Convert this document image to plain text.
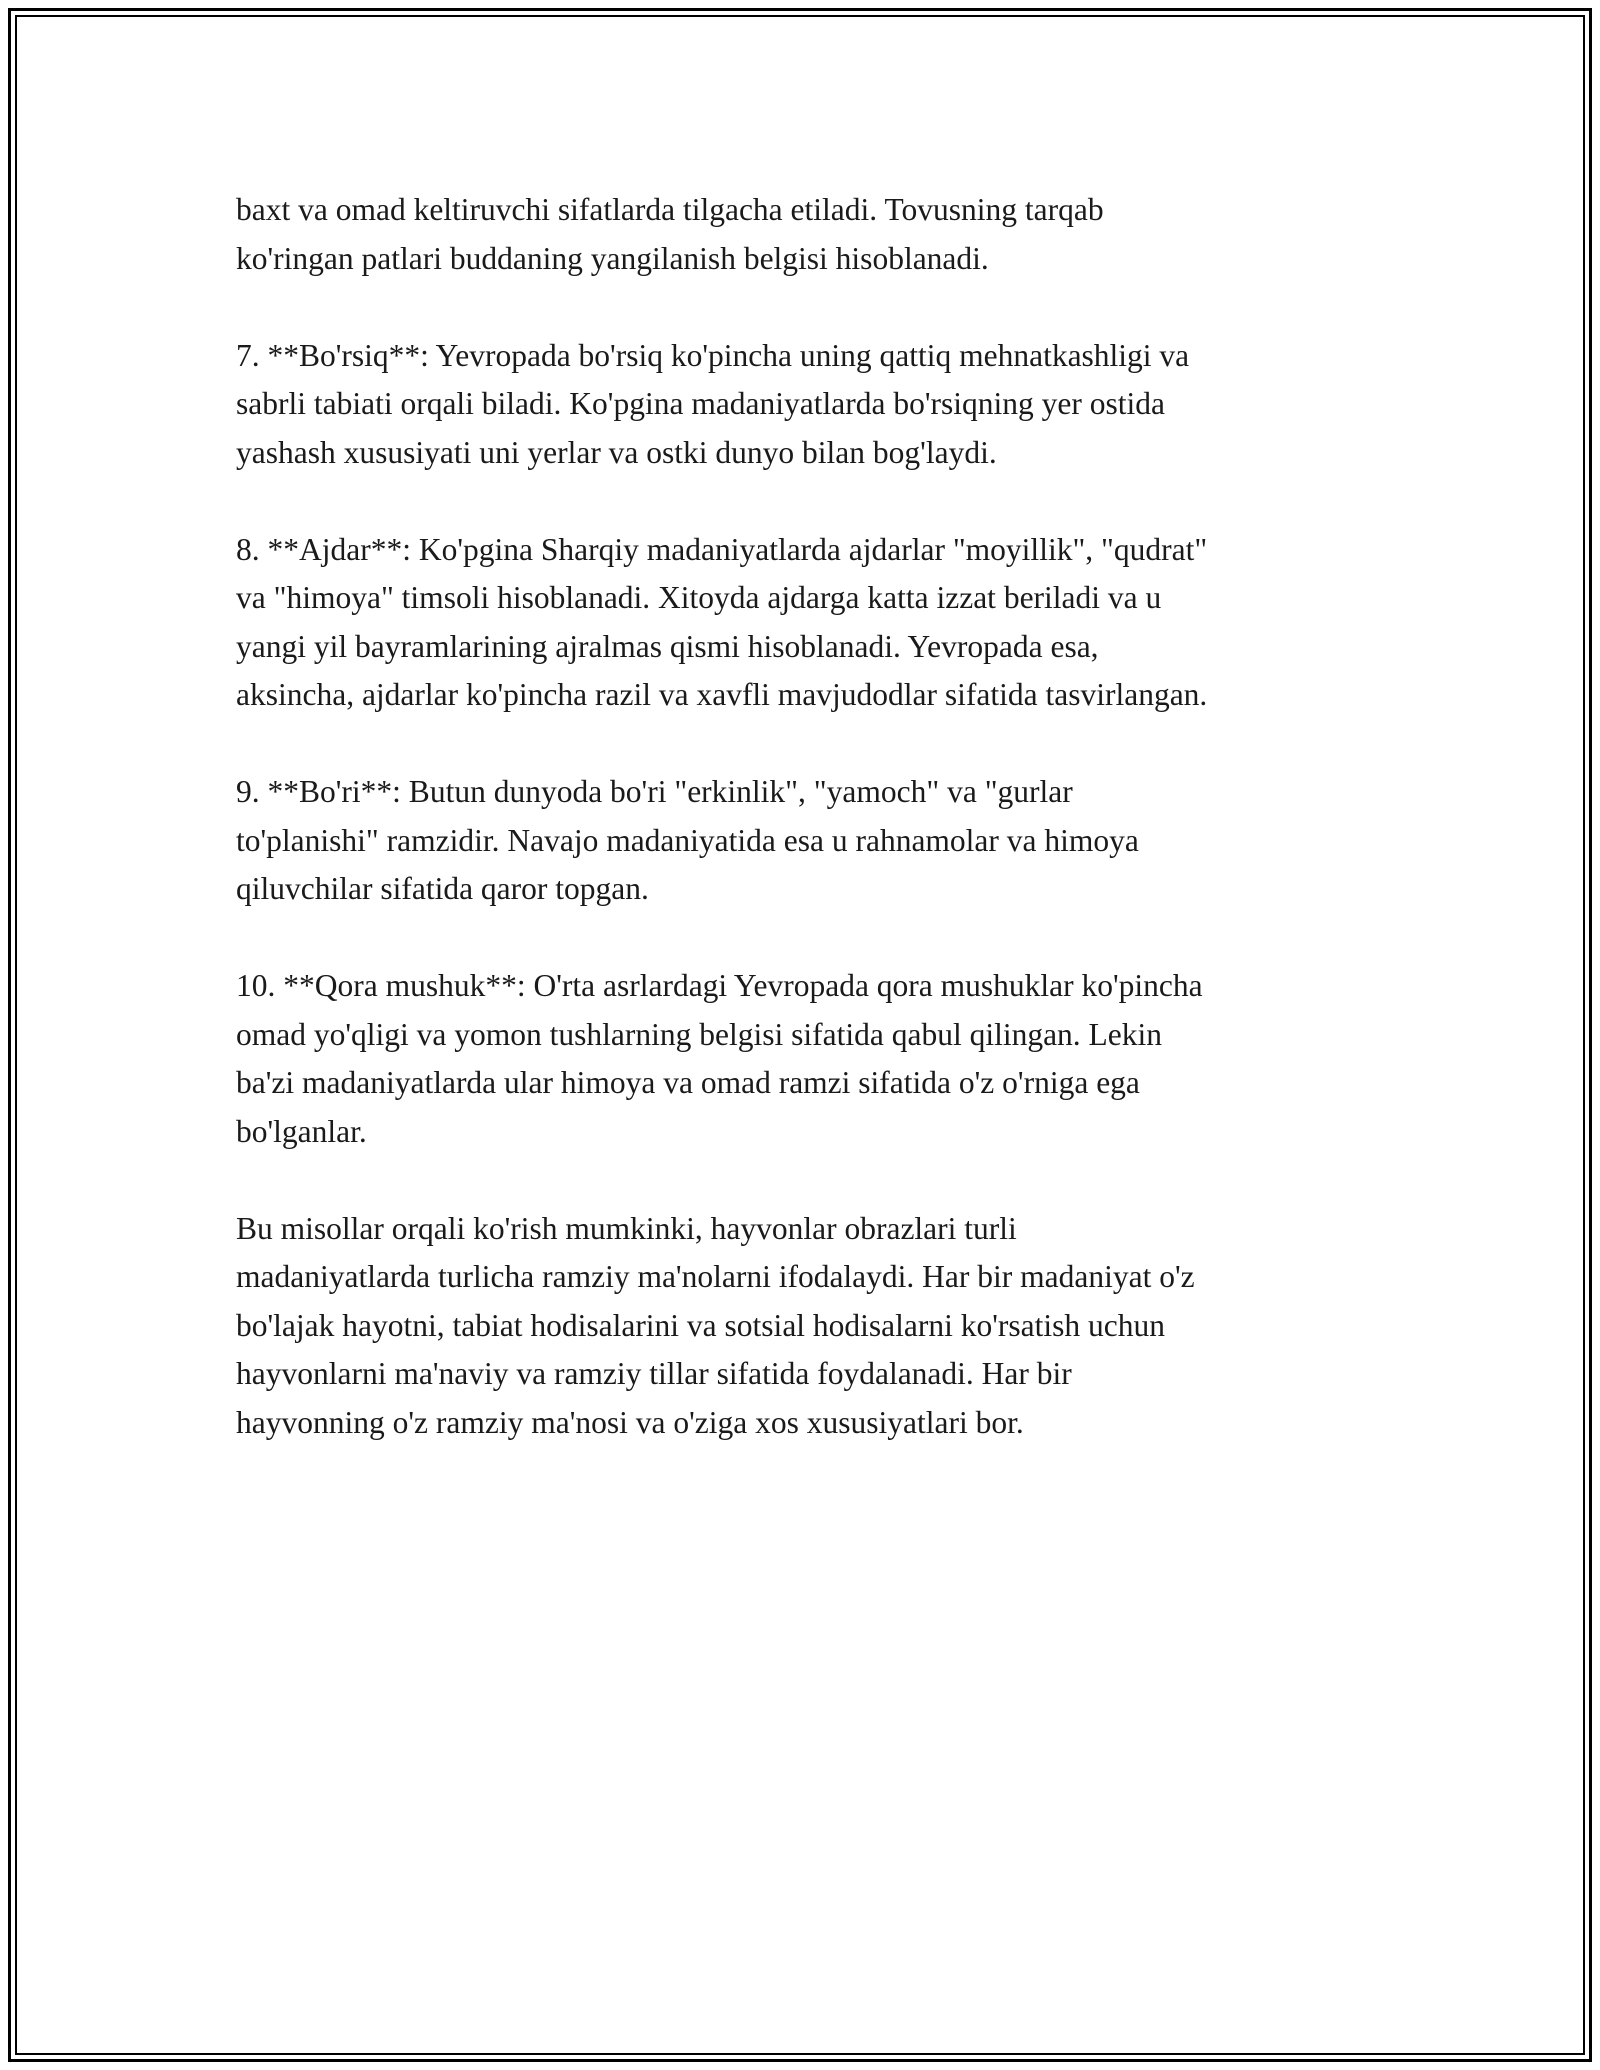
baxt va omad keltiruvchi sifatlarda tilgacha etiladi. Tovusning tarqab
ko'ringan patlari buddaning yangilanish belgisi hisoblanadi.

7. **Bo'rsiq**: Yevropada bo'rsiq ko'pincha uning qattiq mehnatkashligi va
sabrli tabiati orqali biladi. Ko'pgina madaniyatlarda bo'rsiqning yer ostida
yashash xususiyati uni yerlar va ostki dunyo bilan bog'laydi.

8. **Ajdar**: Ko'pgina Sharqiy madaniyatlarda ajdarlar "moyillik", "qudrat"
va "himoya" timsoli hisoblanadi. Xitoyda ajdarga katta izzat beriladi va u
yangi yil bayramlarining ajralmas qismi hisoblanadi. Yevropada esa,
aksincha, ajdarlar ko'pincha razil va xavfli mavjudodlar sifatida tasvirlangan.

9. **Bo'ri**: Butun dunyoda bo'ri "erkinlik", "yamoch" va "gurlar
to'planishi" ramzidir. Navajo madaniyatida esa u rahnamolar va himoya
qiluvchilar sifatida qaror topgan.

10. **Qora mushuk**: O'rta asrlardagi Yevropada qora mushuklar ko'pincha
omad yo'qligi va yomon tushlarning belgisi sifatida qabul qilingan. Lekin
ba'zi madaniyatlarda ular himoya va omad ramzi sifatida o'z o'rniga ega
bo'lganlar.

Bu misollar orqali ko'rish mumkinki, hayvonlar obrazlari turli
madaniyatlarda turlicha ramziy ma'nolarni ifodalaydi. Har bir madaniyat o'z
bo'lajak hayotni, tabiat hodisalarini va sotsial hodisalarni ko'rsatish uchun
hayvonlarni ma'naviy va ramziy tillar sifatida foydalanadi. Har bir
hayvonning o'z ramziy ma'nosi va o'ziga xos xususiyatlari bor.
